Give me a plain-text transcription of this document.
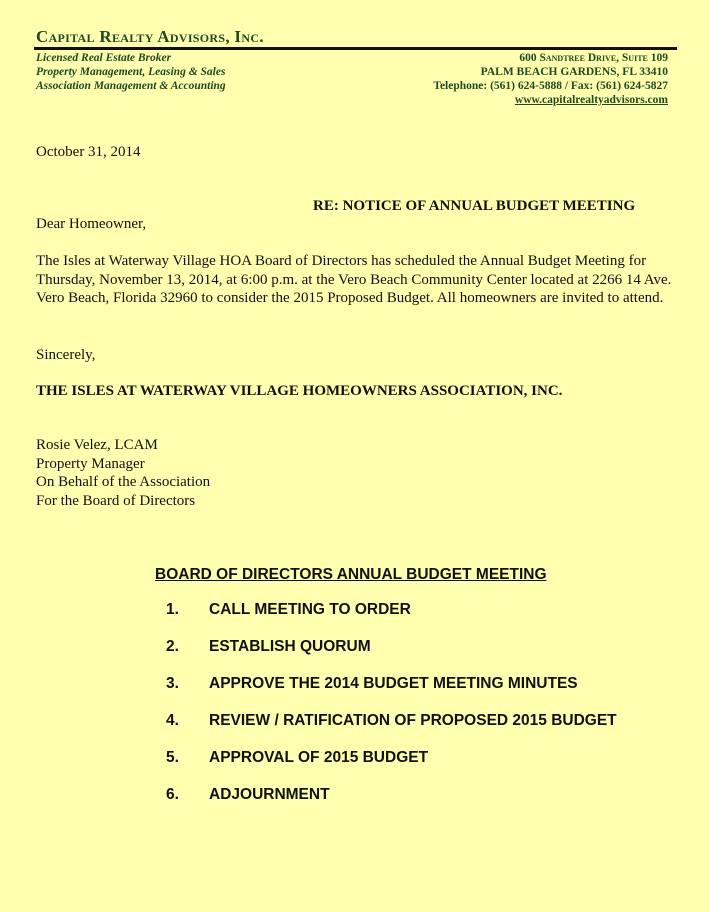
Capital Realty Advisors, Inc.
Licensed Real Estate Broker
Property Management, Leasing & Sales
Association Management & Accounting
600 Sandtree Drive, Suite 109
PALM BEACH GARDENS, FL 33410
Telephone: (561) 624-5888 / Fax: (561) 624-5827
www.capitalrealtyadvisors.com
October 31, 2014
RE: NOTICE OF ANNUAL BUDGET MEETING
Dear Homeowner,
The Isles at Waterway Village HOA Board of Directors has scheduled the Annual Budget Meeting for Thursday, November 13, 2014, at 6:00 p.m. at the Vero Beach Community Center located at 2266 14 Ave. Vero Beach, Florida 32960 to consider the 2015 Proposed Budget. All homeowners are invited to attend.
Sincerely,
THE ISLES AT WATERWAY VILLAGE HOMEOWNERS ASSOCIATION, INC.
Rosie Velez, LCAM
Property Manager
On Behalf of the Association
For the Board of Directors
BOARD OF DIRECTORS ANNUAL BUDGET MEETING
1.	CALL MEETING TO ORDER
2.	ESTABLISH QUORUM
3.	APPROVE THE 2014 BUDGET MEETING MINUTES
4.	REVIEW / RATIFICATION OF PROPOSED 2015 BUDGET
5.	APPROVAL OF 2015 BUDGET
6.	ADJOURNMENT
